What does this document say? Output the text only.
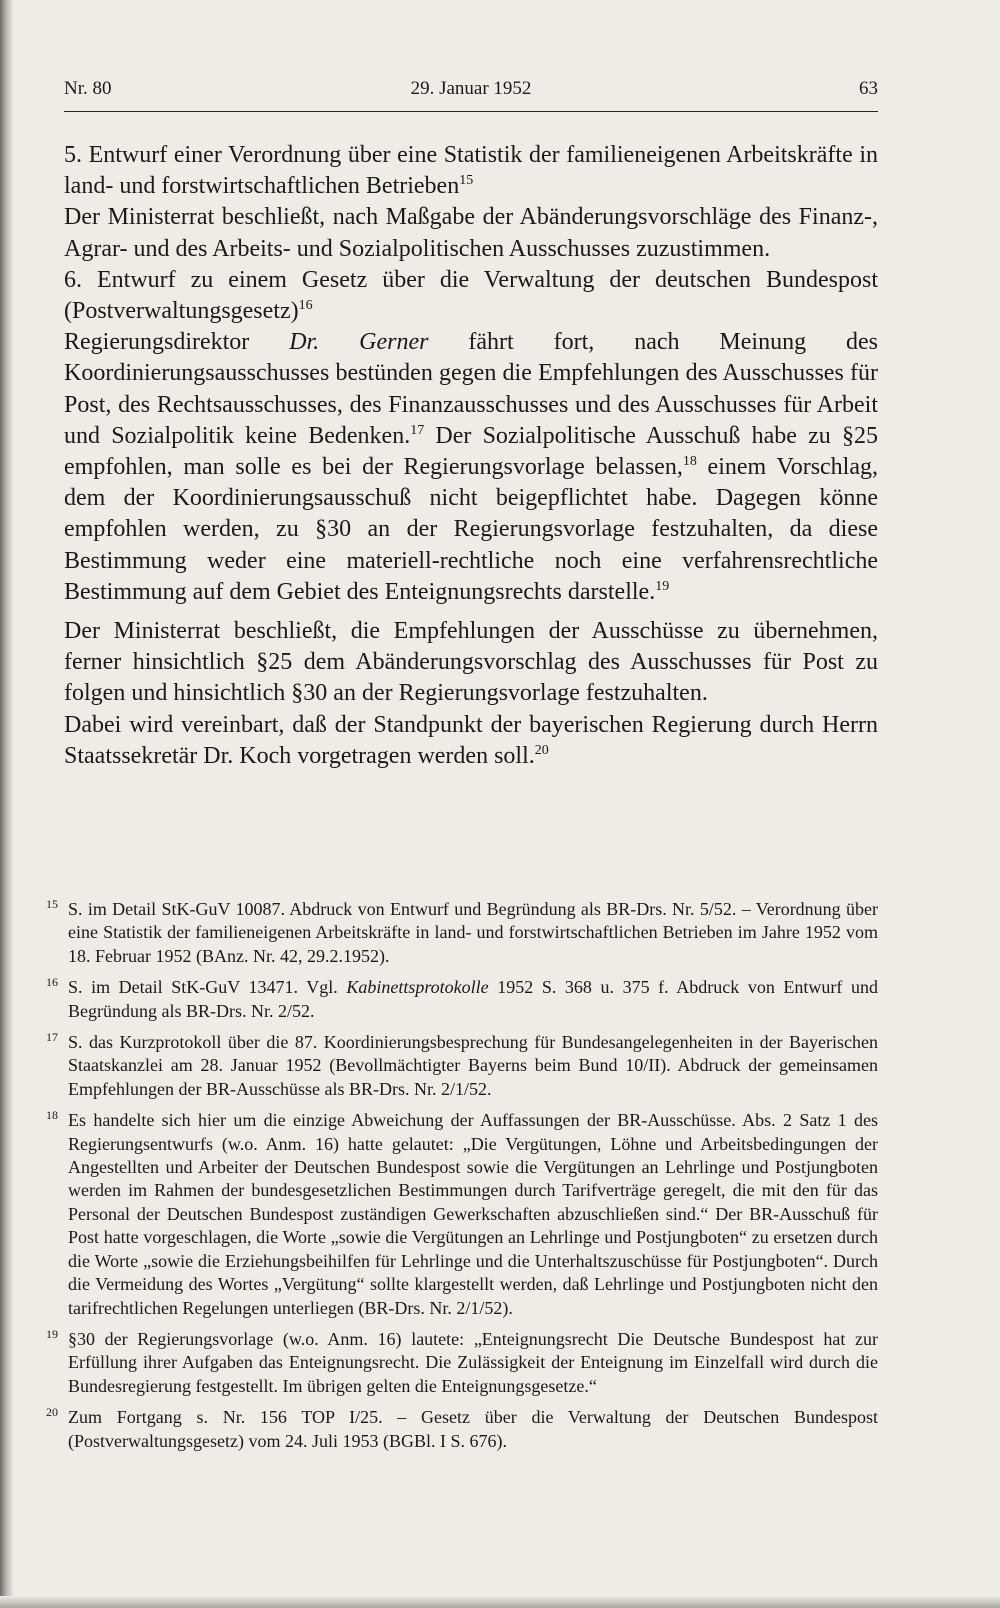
Nr. 80	29. Januar 1952	63

5. Entwurf einer Verordnung über eine Statistik der familieneigenen Arbeitskräfte in land- und forstwirtschaftlichen Betrieben$^{15}$

Der Ministerrat beschließt, nach Maßgabe der Abänderungsvorschläge des Finanz-, Agrar- und des Arbeits- und Sozialpolitischen Ausschusses zuzustimmen.

6. Entwurf zu einem Gesetz über die Verwaltung der deutschen Bundespost (Postverwaltungsgesetz)$^{16}$

Regierungsdirektor Dr. Gerner fährt fort, nach Meinung des Koordinierungsausschusses bestünden gegen die Empfehlungen des Ausschusses für Post, des Rechtsausschusses, des Finanzausschusses und des Ausschusses für Arbeit und Sozialpolitik keine Bedenken.$^{17}$ Der Sozialpolitische Ausschuß habe zu §25 empfohlen, man solle es bei der Regierungsvorlage belassen,$^{18}$ einem Vorschlag, dem der Koordinierungsausschuß nicht beigepflichtet habe. Dagegen könne empfohlen werden, zu §30 an der Regierungsvorlage festzuhalten, da diese Bestimmung weder eine materiell-rechtliche noch eine verfahrensrechtliche Bestimmung auf dem Gebiet des Enteignungsrechts darstelle.$^{19}$

Der Ministerrat beschließt, die Empfehlungen der Ausschüsse zu übernehmen, ferner hinsichtlich §25 dem Abänderungsvorschlag des Ausschusses für Post zu folgen und hinsichtlich §30 an der Regierungsvorlage festzuhalten.

Dabei wird vereinbart, daß der Standpunkt der bayerischen Regierung durch Herrn Staatssekretär Dr. Koch vorgetragen werden soll.$^{20}$

15 S. im Detail StK-GuV 10087. Abdruck von Entwurf und Begründung als BR-Drs. Nr. 5/52. – Verordnung über eine Statistik der familieneigenen Arbeitskräfte in land- und forstwirtschaftlichen Betrieben im Jahre 1952 vom 18. Februar 1952 (BAnz. Nr. 42, 29.2.1952).
16 S. im Detail StK-GuV 13471. Vgl. Kabinettsprotokolle 1952 S. 368 u. 375 f. Abdruck von Entwurf und Begründung als BR-Drs. Nr. 2/52.
17 S. das Kurzprotokoll über die 87. Koordinierungsbesprechung für Bundesangelegenheiten in der Bayerischen Staatskanzlei am 28. Januar 1952 (Bevollmächtigter Bayerns beim Bund 10/II). Abdruck der gemeinsamen Empfehlungen der BR-Ausschüsse als BR-Drs. Nr. 2/1/52.
18 Es handelte sich hier um die einzige Abweichung der Auffassungen der BR-Ausschüsse. Abs. 2 Satz 1 des Regierungsentwurfs (w.o. Anm. 16) hatte gelautet: „Die Vergütungen, Löhne und Arbeitsbedingungen der Angestellten und Arbeiter der Deutschen Bundespost sowie die Vergütungen an Lehrlinge und Postjungboten werden im Rahmen der bundesgesetzlichen Bestimmungen durch Tarifverträge geregelt, die mit den für das Personal der Deutschen Bundespost zuständigen Gewerkschaften abzuschließen sind.“ Der BR-Ausschuß für Post hatte vorgeschlagen, die Worte „sowie die Vergütungen an Lehrlinge und Postjungboten“ zu ersetzen durch die Worte „sowie die Erziehungsbeihilfen für Lehrlinge und die Unterhaltszuschüsse für Postjungboten“. Durch die Vermeidung des Wortes „Vergütung“ sollte klargestellt werden, daß Lehrlinge und Postjungboten nicht den tarifrechtlichen Regelungen unterliegen (BR-Drs. Nr. 2/1/52).
19 §30 der Regierungsvorlage (w.o. Anm. 16) lautete: „Enteignungsrecht Die Deutsche Bundespost hat zur Erfüllung ihrer Aufgaben das Enteignungsrecht. Die Zulässigkeit der Enteignung im Einzelfall wird durch die Bundesregierung festgestellt. Im übrigen gelten die Enteignungsgesetze.“
20 Zum Fortgang s. Nr. 156 TOP I/25. – Gesetz über die Verwaltung der Deutschen Bundespost (Postverwaltungsgesetz) vom 24. Juli 1953 (BGBl. I S. 676).
